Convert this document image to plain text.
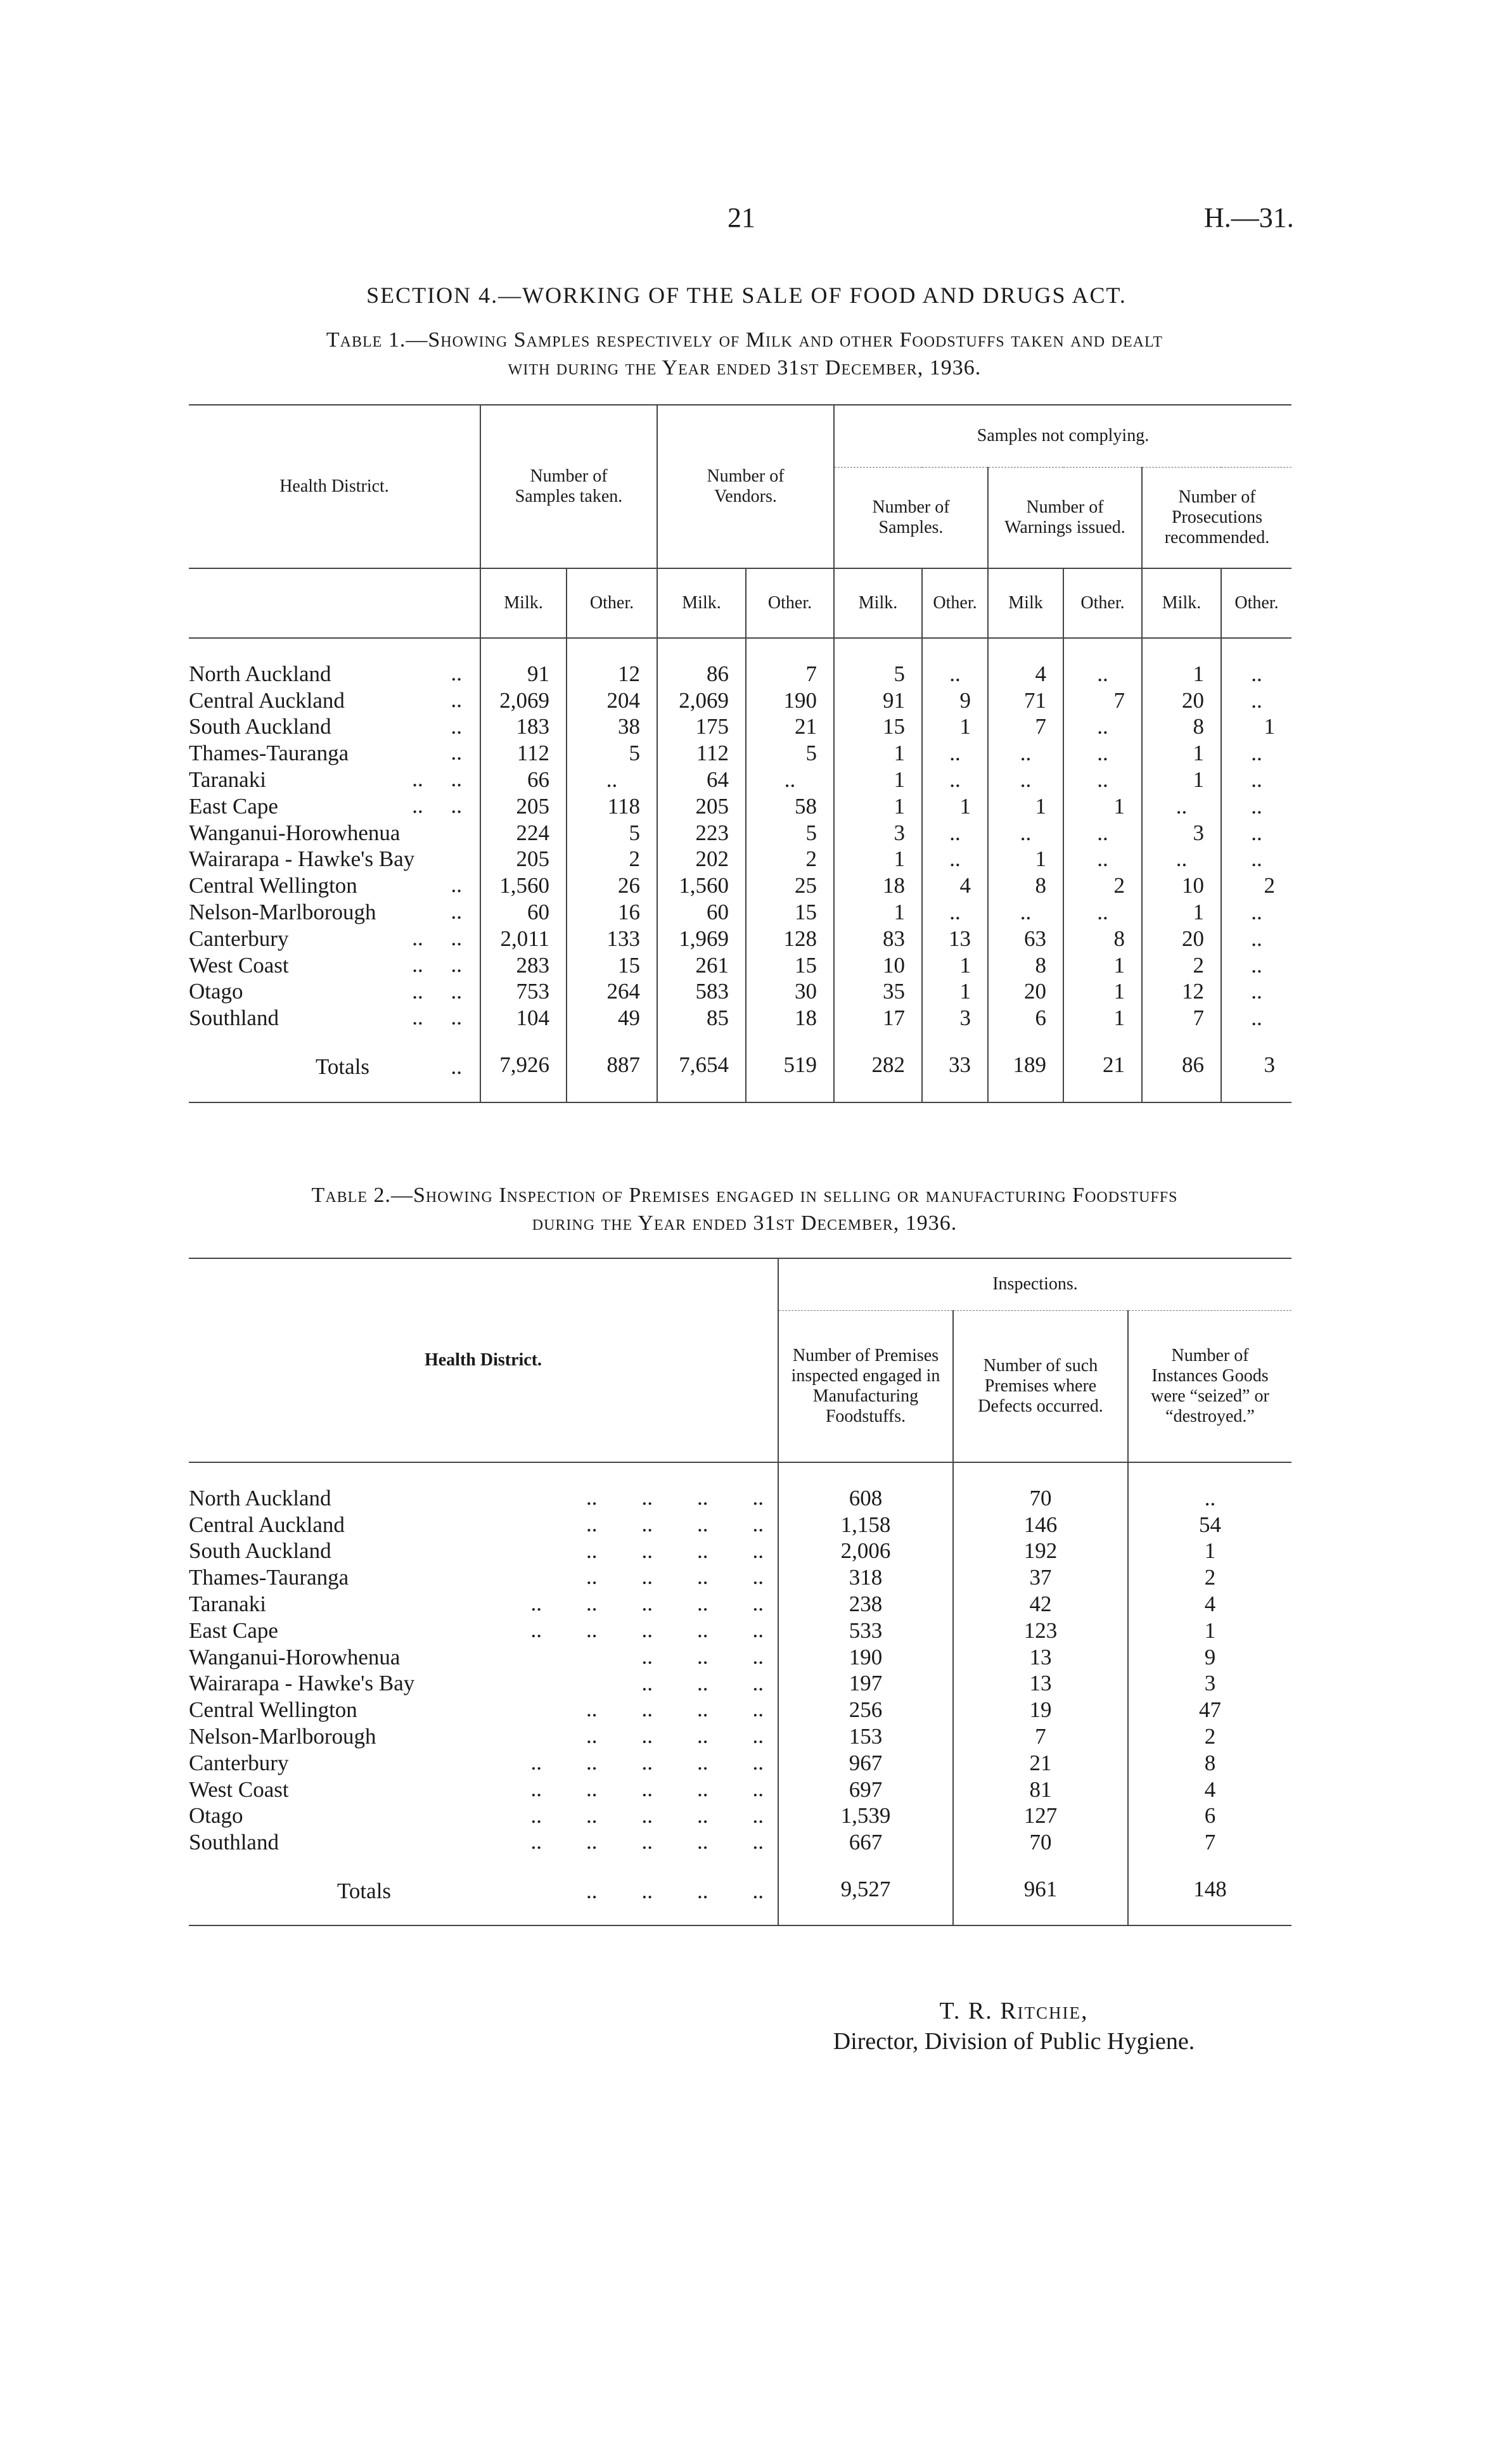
21	H.—31.
SECTION 4.—WORKING OF THE SALE OF FOOD AND DRUGS ACT.
Table 1.—Showing Samples respectively of Milk and other Foodstuffs taken and dealt
with during the Year ended 31st December, 1936.
Health District.	Number of Samples taken.		Number of Vendors.		Samples not complying.					
					Number of Samples.		Number of Warnings issued.		Number of Prosecutions recommended.	

	Milk.	Other.	Milk.	Other.	Milk.	Other.	Milk	Other.	Milk.	Other.

North Auckland ..	91	12	86	7	5	..	4	..	1	..
Central Auckland ..	2,069	204	2,069	190	91	9	71	7	20	..
South Auckland ..	183	38	175	21	15	1	7	..	8	1
Thames-Tauranga ..	112	5	112	5	1	..	..	..	1	..
Taranaki ..     ..	66	..	64	..	1	..	..	..	1	..
East Cape ..     ..	205	118	205	58	1	1	1	1	..	..
Wanganui-Horowhenua	224	5	223	5	3	..	..	..	3	..
Wairarapa - Hawke's Bay	205	2	202	2	1	..	1	..	..	..
Central Wellington ..	1,560	26	1,560	25	18	4	8	2	10	2
Nelson-Marlborough ..	60	16	60	15	1	..	..	..	1	..
Canterbury ..     ..	2,011	133	1,969	128	83	13	63	8	20	..
West Coast ..     ..	283	15	261	15	10	1	8	1	2	..
Otago ..     ..	753	264	583	30	35	1	20	1	12	..
Southland ..     ..	104	49	85	18	17	3	6	1	7	..

Totals ..	7,926	887	7,654	519	282	33	189	21	86	3

Table 2.—Showing Inspection of Premises engaged in selling or manufacturing Foodstuffs
during the Year ended 31st December, 1936.
Health District.	Inspections.		
	Number of Premises inspected engaged in Manufacturing Foodstuffs.	Number of such Premises where Defects occurred.	Number of Instances Goods were “seized” or “destroyed.”

North Auckland ..        ..        ..        ..	608	70	..
Central Auckland ..        ..        ..        ..	1,158	146	54
South Auckland ..        ..        ..        ..	2,006	192	1
Thames-Tauranga ..        ..        ..        ..	318	37	2
Taranaki ..        ..        ..        ..        ..	238	42	4
East Cape ..        ..        ..        ..        ..	533	123	1
Wanganui-Horowhenua ..        ..        ..	190	13	9
Wairarapa - Hawke's Bay ..        ..        ..	197	13	3
Central Wellington ..        ..        ..        ..	256	19	47
Nelson-Marlborough ..        ..        ..        ..	153	7	2
Canterbury ..        ..        ..        ..        ..	967	21	8
West Coast ..        ..        ..        ..        ..	697	81	4
Otago ..        ..        ..        ..        ..	1,539	127	6
Southland ..        ..        ..        ..        ..	667	70	7

Totals ..        ..        ..        ..	9,527	961	148

T. R. Ritchie,
Director, Division of Public Hygiene.
